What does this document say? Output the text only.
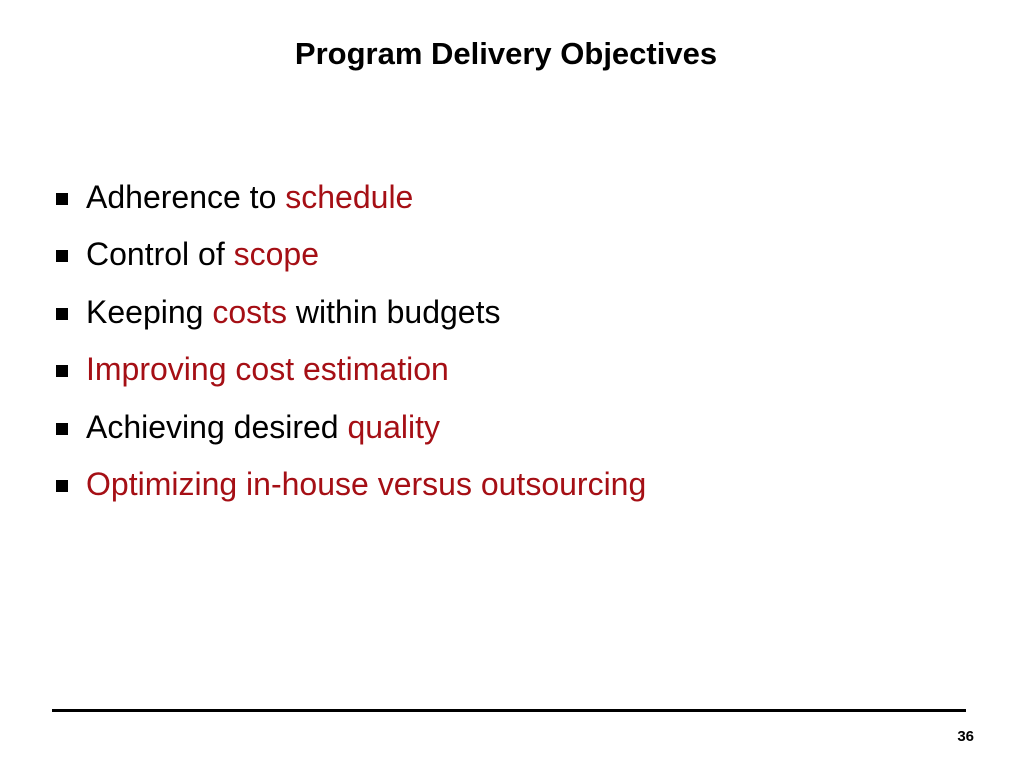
Program Delivery Objectives
Adherence to schedule
Control of scope
Keeping costs within budgets
Improving cost estimation
Achieving desired quality
Optimizing in-house versus outsourcing
36
